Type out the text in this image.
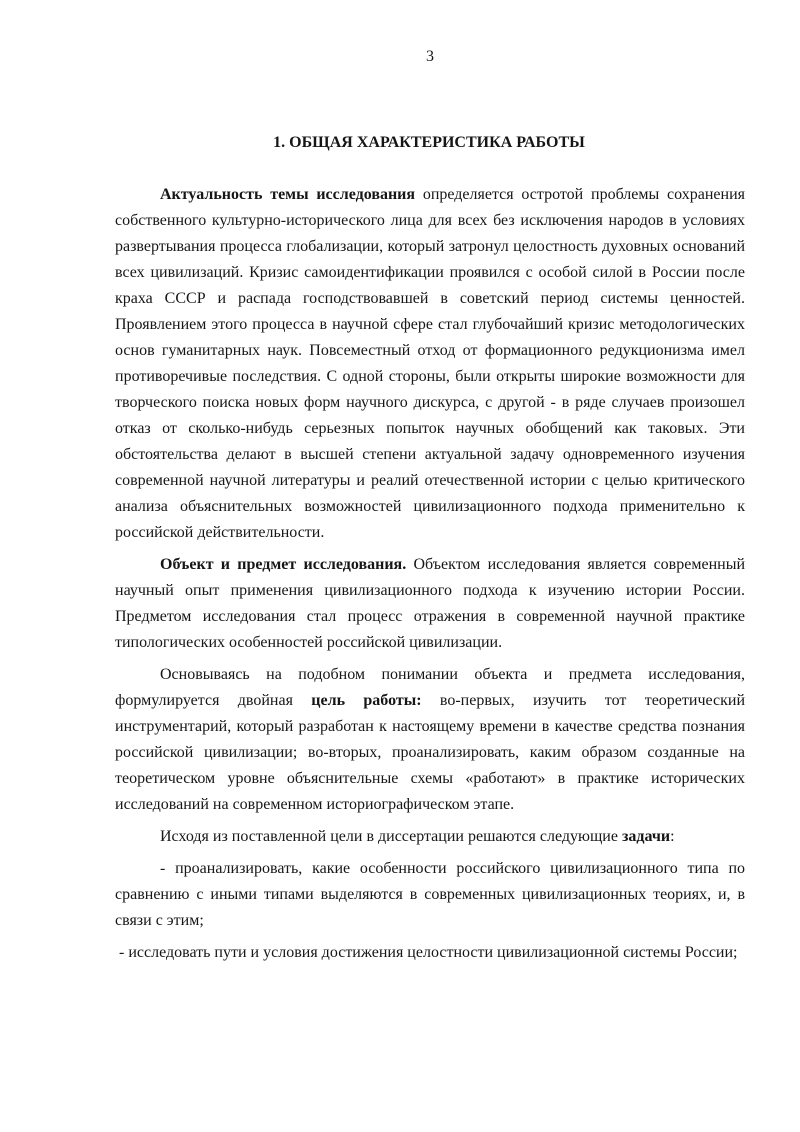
3
1. ОБЩАЯ ХАРАКТЕРИСТИКА РАБОТЫ

Актуальность темы исследования определяется остротой проблемы сохранения собственного культурно-исторического лица для всех без исключения народов в условиях развертывания процесса глобализации, который затронул целостность духовных оснований всех цивилизаций. Кризис самоидентификации проявился с особой силой в России после краха СССР и распада господствовавшей в советский период системы ценностей. Проявлением этого процесса в научной сфере стал глубочайший кризис методологических основ гуманитарных наук. Повсеместный отход от формационного редукционизма имел противоречивые последствия. С одной стороны, были открыты широкие возможности для творческого поиска новых форм научного дискурса, с другой - в ряде случаев произошел отказ от сколько-нибудь серьезных попыток научных обобщений как таковых. Эти обстоятельства делают в высшей степени актуальной задачу одновременного изучения современной научной литературы и реалий отечественной истории с целью критического анализа объяснительных возможностей цивилизационного подхода применительно к российской действительности.

Объект и предмет исследования. Объектом исследования является современный научный опыт применения цивилизационного подхода к изучению истории России. Предметом исследования стал процесс отражения в современной научной практике типологических особенностей российской цивилизации.

Основываясь на подобном понимании объекта и предмета исследования, формулируется двойная цель работы: во-первых, изучить тот теоретический инструментарий, который разработан к настоящему времени в качестве средства познания российской цивилизации; во-вторых, проанализировать, каким образом созданные на теоретическом уровне объяснительные схемы «работают» в практике исторических исследований на современном историографическом этапе.

Исходя из поставленной цели в диссертации решаются следующие задачи:

- проанализировать, какие особенности российского цивилизационного типа по сравнению с иными типами выделяются в современных цивилизационных теориях, и, в связи с этим;

- исследовать пути и условия достижения целостности цивилизационной системы России;
